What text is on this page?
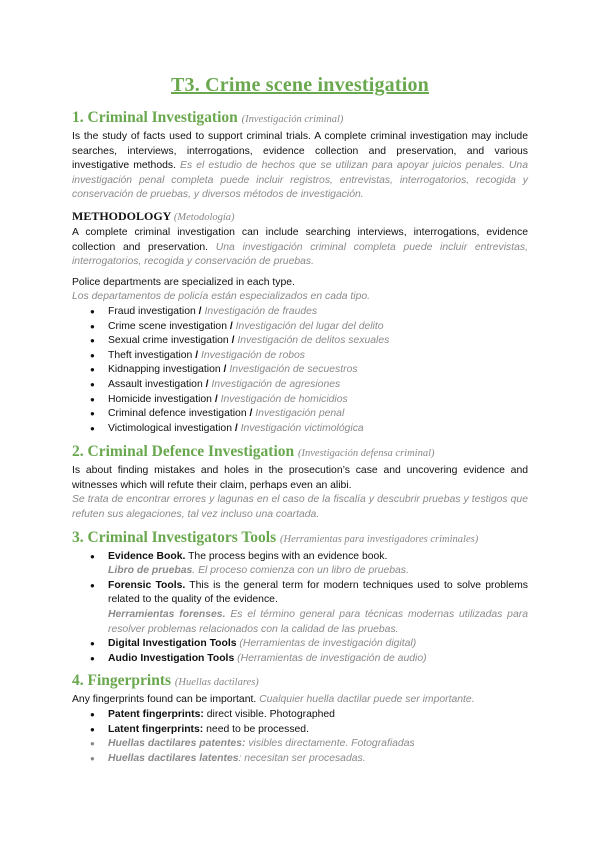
T3. Crime scene investigation
1. Criminal Investigation (Investigación criminal)

Is the study of facts used to support criminal trials. A complete criminal investigation may include searches, interviews, interrogations, evidence collection and preservation, and various investigative methods. Es el estudio de hechos que se utilizan para apoyar juicios penales. Una investigación penal completa puede incluir registros, entrevistas, interrogatorios, recogida y conservación de pruebas, y diversos métodos de investigación.

METHODOLOGY (Metodología)

A complete criminal investigation can include searching interviews, interrogations, evidence collection and preservation. Una investigación criminal completa puede incluir entrevistas, interrogatorios, recogida y conservación de pruebas.

Police departments are specialized in each type.

Los departamentos de policía están especializados en cada tipo.

● Fraud investigation / Investigación de fraudes
● Crime scene investigation / Investigación del lugar del delito
● Sexual crime investigation / Investigación de delitos sexuales
● Theft investigation / Investigación de robos
● Kidnapping investigation / Investigación de secuestros
● Assault investigation / Investigación de agresiones
● Homicide investigation / Investigación de homicidios
● Criminal defence investigation / Investigación penal
● Victimological investigation / Investigación victimológica
2. Criminal Defence Investigation (Investigación defensa criminal)

Is about finding mistakes and holes in the prosecution’s case and uncovering evidence and witnesses which will refute their claim, perhaps even an alibi.

Se trata de encontrar errores y lagunas en el caso de la fiscalía y descubrir pruebas y testigos que refuten sus alegaciones, tal vez incluso una coartada.

3. Criminal Investigators Tools (Herramientas para investigadores criminales)
● Evidence Book. The process begins with an evidence book.
Libro de pruebas. El proceso comienza con un libro de pruebas.
● Forensic Tools. This is the general term for modern techniques used to solve problems related to the quality of the evidence.
Herramientas forenses. Es el término general para técnicas modernas utilizadas para resolver problemas relacionados con la calidad de las pruebas.
● Digital Investigation Tools (Herramientas de investigación digital)
● Audio Investigation Tools (Herramientas de investigación de audio)
4. Fingerprints (Huellas dactilares)

Any fingerprints found can be important. Cualquier huella dactilar puede ser importante.

● Patent fingerprints: direct visible. Photographed
● Latent fingerprints: need to be processed.
● Huellas dactilares patentes: visibles directamente. Fotografiadas
● Huellas dactilares latentes: necesitan ser procesadas.
